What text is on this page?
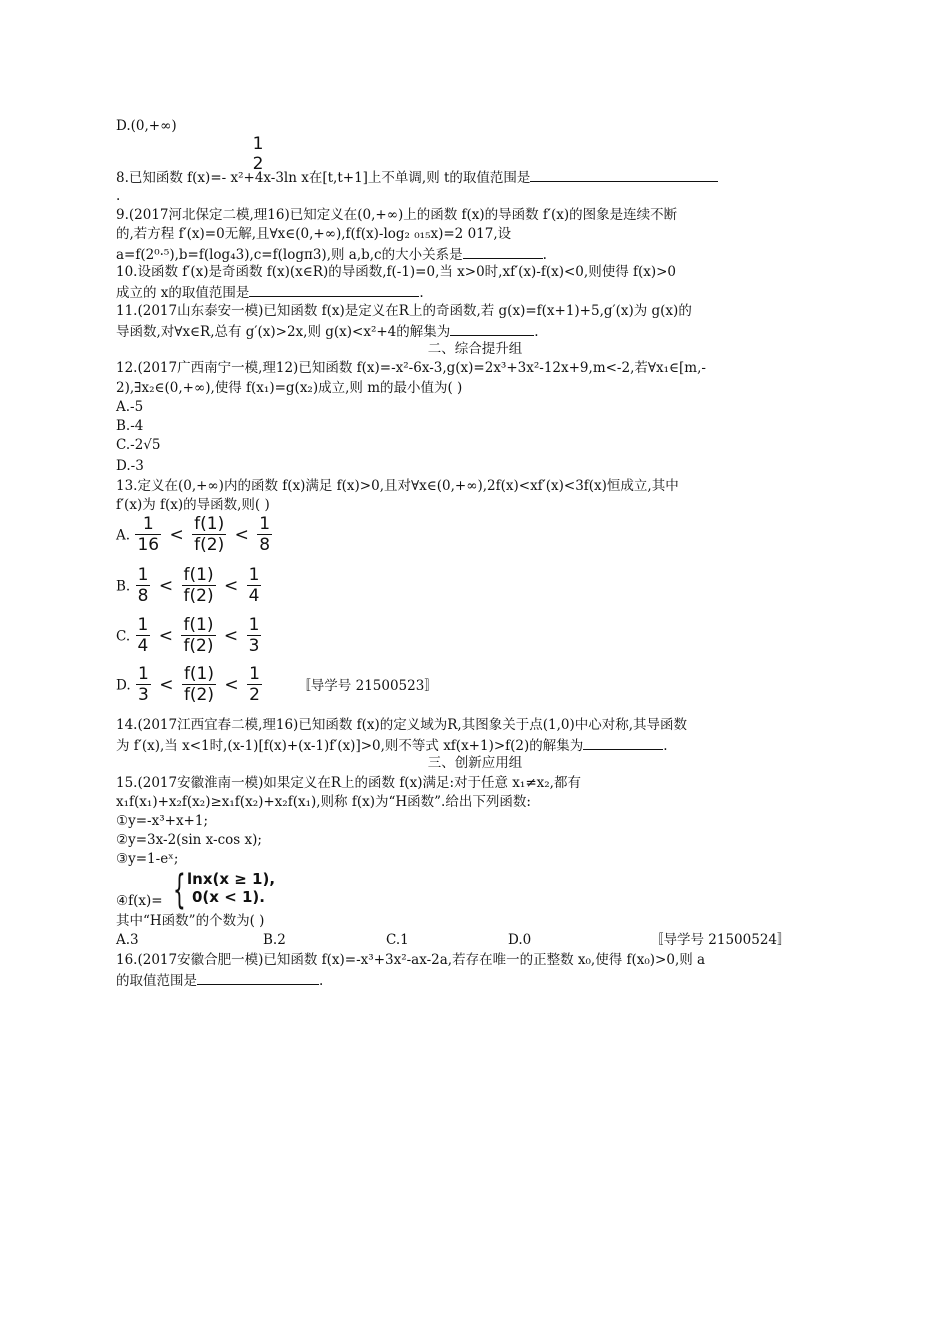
D.(0,+∞)
1
2
8.已知函数 f(x)=- x²+4x-3ln x在[t,t+1]上不单调,则 t的取值范围是
.
9.(2017河北保定二模,理16)已知定义在(0,+∞)上的函数 f(x)的导函数 f′(x)的图象是连续不断
的,若方程 f′(x)=0无解,且∀x∈(0,+∞),f(f(x)-log₂ ₀₁₅x)=2 017,设
a=f(2⁰·⁵),b=f(log₄3),c=f(logπ3),则 a,b,c的大小关系是	.
10.设函数 f′(x)是奇函数 f(x)(x∈R)的导函数,f(-1)=0,当 x>0时,xf′(x)-f(x)<0,则使得 f(x)>0
成立的 x的取值范围是	.
11.(2017山东泰安一模)已知函数 f(x)是定义在R上的奇函数,若 g(x)=f(x+1)+5,g′(x)为 g(x)的
导函数,对∀x∈R,总有 g′(x)>2x,则 g(x)<x²+4的解集为	.
二、综合提升组
12.(2017广西南宁一模,理12)已知函数 f(x)=-x²-6x-3,g(x)=2x³+3x²-12x+9,m<-2,若∀x₁∈[m,-
2),∃x₂∈(0,+∞),使得 f(x₁)=g(x₂)成立,则 m的最小值为( )
A.-5
B.-4
C.-2√5
D.-3
13.定义在(0,+∞)内的函数 f(x)满足 f(x)>0,且对∀x∈(0,+∞),2f(x)<xf′(x)<3f(x)恒成立,其中
f′(x)为 f(x)的导函数,则( )
A. $\frac{1}{16} < \frac{f(1)}{f(2)} < \frac{1}{8}$
B. $\frac{1}{8} < \frac{f(1)}{f(2)} < \frac{1}{4}$
C. $\frac{1}{4} < \frac{f(1)}{f(2)} < \frac{1}{3}$
D. $\frac{1}{3} < \frac{f(1)}{f(2)} < \frac{1}{2}$	〚导学号 21500523〛
14.(2017江西宜春二模,理16)已知函数 f(x)的定义域为R,其图象关于点(1,0)中心对称,其导函数
为 f′(x),当 x<1时,(x-1)[f(x)+(x-1)f′(x)]>0,则不等式 xf(x+1)>f(2)的解集为	.
三、创新应用组
15.(2017安徽淮南一模)如果定义在R上的函数 f(x)满足:对于任意 x₁≠x₂,都有
x₁f(x₁)+x₂f(x₂)≥x₁f(x₂)+x₂f(x₁),则称 f(x)为“H函数”.给出下列函数:
①y=-x³+x+1;
②y=3x-2(sin x-cos x);
③y=1-eˣ;
④f(x)= { lnx(x ≥ 1),
0(x < 1).
其中“H函数”的个数为( )
A.3	B.2	C.1	D.0	〚导学号 21500524〛
16.(2017安徽合肥一模)已知函数 f(x)=-x³+3x²-ax-2a,若存在唯一的正整数 x₀,使得 f(x₀)>0,则 a
的取值范围是	.
